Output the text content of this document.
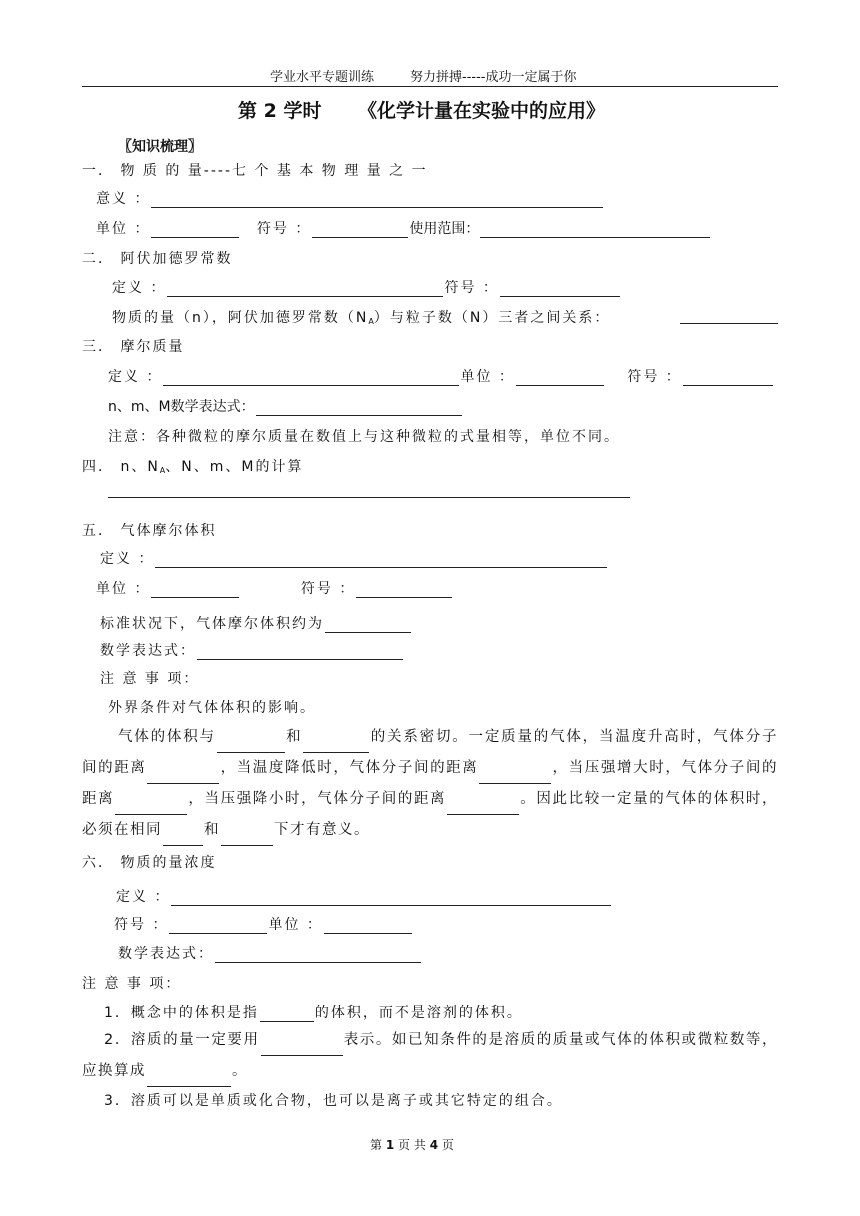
学业水平专题训练	努力拼搏-----成功一定属于你
第 2 学时 《化学计量在实验中的应用》
〖知识梳理〗
一． 物 质 的 量----七 个 基 本 物 理 量 之 一
意义 ：
单位 ：	符号 ：	使用范围：
二． 阿伏加德罗常数
定义 ：	符号 ：
物质的量（n），阿伏加德罗常数$(N_A)$与粒子数（N）三者之间关系：
三． 摩尔质量
定义 ：	单位 ：	符号 ：
n、m、M数学表达式：
注意：各种微粒的摩尔质量在数值上与这种微粒的式量相等，单位不同。
四． n、$N_A$、N、m、M的计算
五． 气体摩尔体积
定义 ：
单位 ：	符号 ：
标准状况下，气体摩尔体积约为
数学表达式：
注 意 事 项：
外界条件对气体体积的影响。
气体的体积与	和	的关系密切。一定质量的气体，当温度升高时，气体分子间的距离	，当温度降低时，气体分子间的距离	，当压强增大时，气体分子间的距离	，当压强降小时，气体分子间的距离	。因此比较一定量的气体的体积时，必须在相同	和	下才有意义。
六． 物质的量浓度
定义 ：
符号 ：	单位 ：
数学表达式：
注 意 事 项：
1．概念中的体积是指	的体积，而不是溶剂的体积。
2．溶质的量一定要用	表示。如已知条件的是溶质的质量或气体的体积或微粒数等，应换算成	。
3．溶质可以是单质或化合物，也可以是离子或其它特定的组合。
第 1 页 共 4 页
